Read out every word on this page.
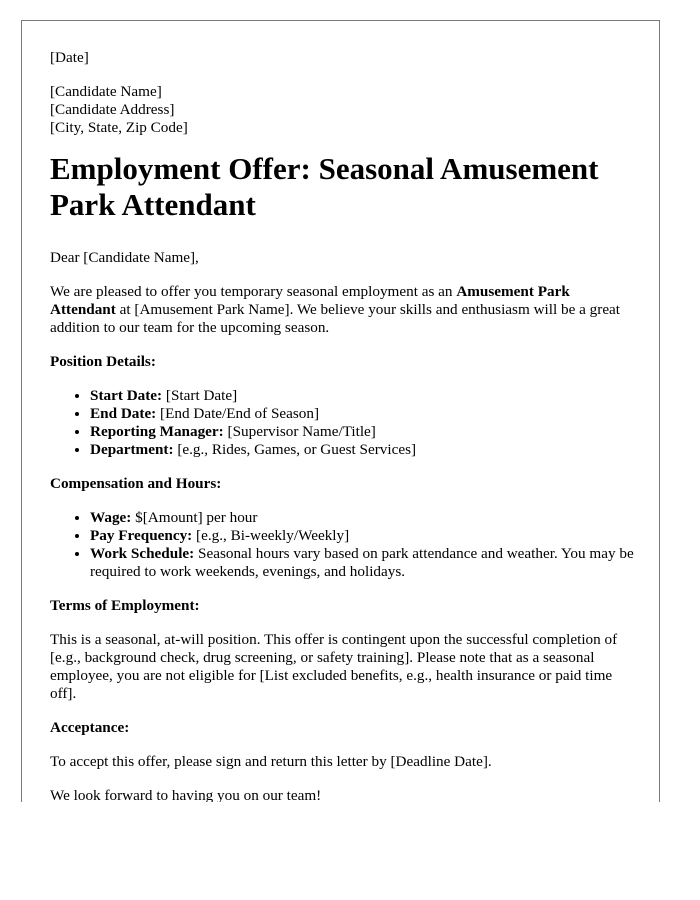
[Date]

[Candidate Name]
[Candidate Address]
[City, State, Zip Code]

Employment Offer: Seasonal Amusement Park Attendant

Dear [Candidate Name],

We are pleased to offer you temporary seasonal employment as an Amusement Park Attendant at [Amusement Park Name]. We believe your skills and enthusiasm will be a great addition to our team for the upcoming season.

Position Details:

• Start Date: [Start Date]
• End Date: [End Date/End of Season]
• Reporting Manager: [Supervisor Name/Title]
• Department: [e.g., Rides, Games, or Guest Services]

Compensation and Hours:

• Wage: $[Amount] per hour
• Pay Frequency: [e.g., Bi-weekly/Weekly]
• Work Schedule: Seasonal hours vary based on park attendance and weather. You may be required to work weekends, evenings, and holidays.

Terms of Employment:

This is a seasonal, at-will position. This offer is contingent upon the successful completion of [e.g., background check, drug screening, or safety training]. Please note that as a seasonal employee, you are not eligible for [List excluded benefits, e.g., health insurance or paid time off].

Acceptance:

To accept this offer, please sign and return this letter by [Deadline Date].

We look forward to having you on our team!
